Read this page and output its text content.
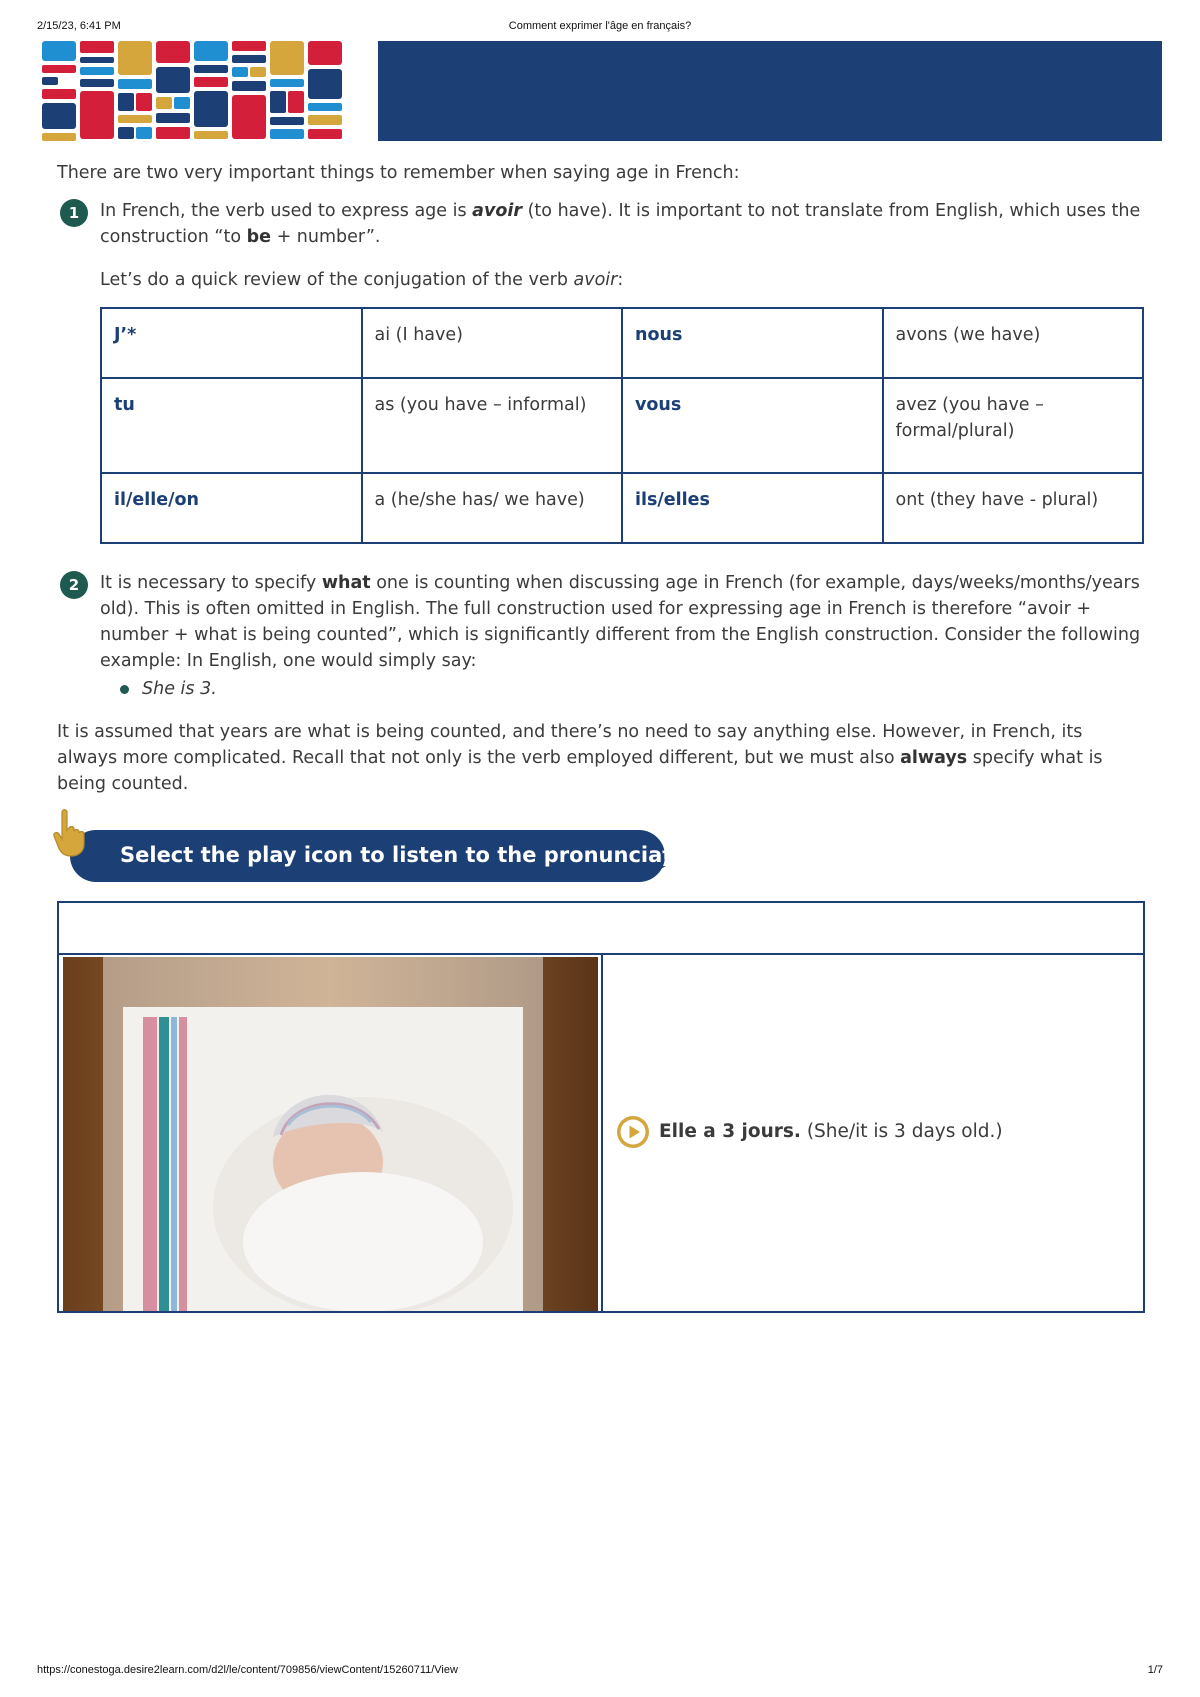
2/15/23, 6:41 PM	Comment exprimer l'âge en français?

There are two very important things to remember when saying age in French:

1	In French, the verb used to express age is avoir (to have). It is important to not translate from English, which uses the construction “to be + number”.

Let’s do a quick review of the conjugation of the verb avoir:

J’*	ai (I have)	nous	avons (we have)
tu	as (you have – informal)	vous	avez (you have – formal/plural)
il/elle/on	a (he/she has/ we have)	ils/elles	ont (they have - plural)
2	It is necessary to specify what one is counting when discussing age in French (for example, days/weeks/months/years old). This is often omitted in English. The full construction used for expressing age in French is therefore “avoir + number + what is being counted”, which is significantly different from the English construction. Consider the following example: In English, one would simply say:

She is 3.

It is assumed that years are what is being counted, and there’s no need to say anything else. However, in French, its always more complicated. Recall that not only is the verb employed different, but we must also always specify what is being counted.

Select the play icon to listen to the pronunciation.
Elle a 3 jours. (She/it is 3 days old.)
https://conestoga.desire2learn.com/d2l/le/content/709856/viewContent/15260711/View	1/7
